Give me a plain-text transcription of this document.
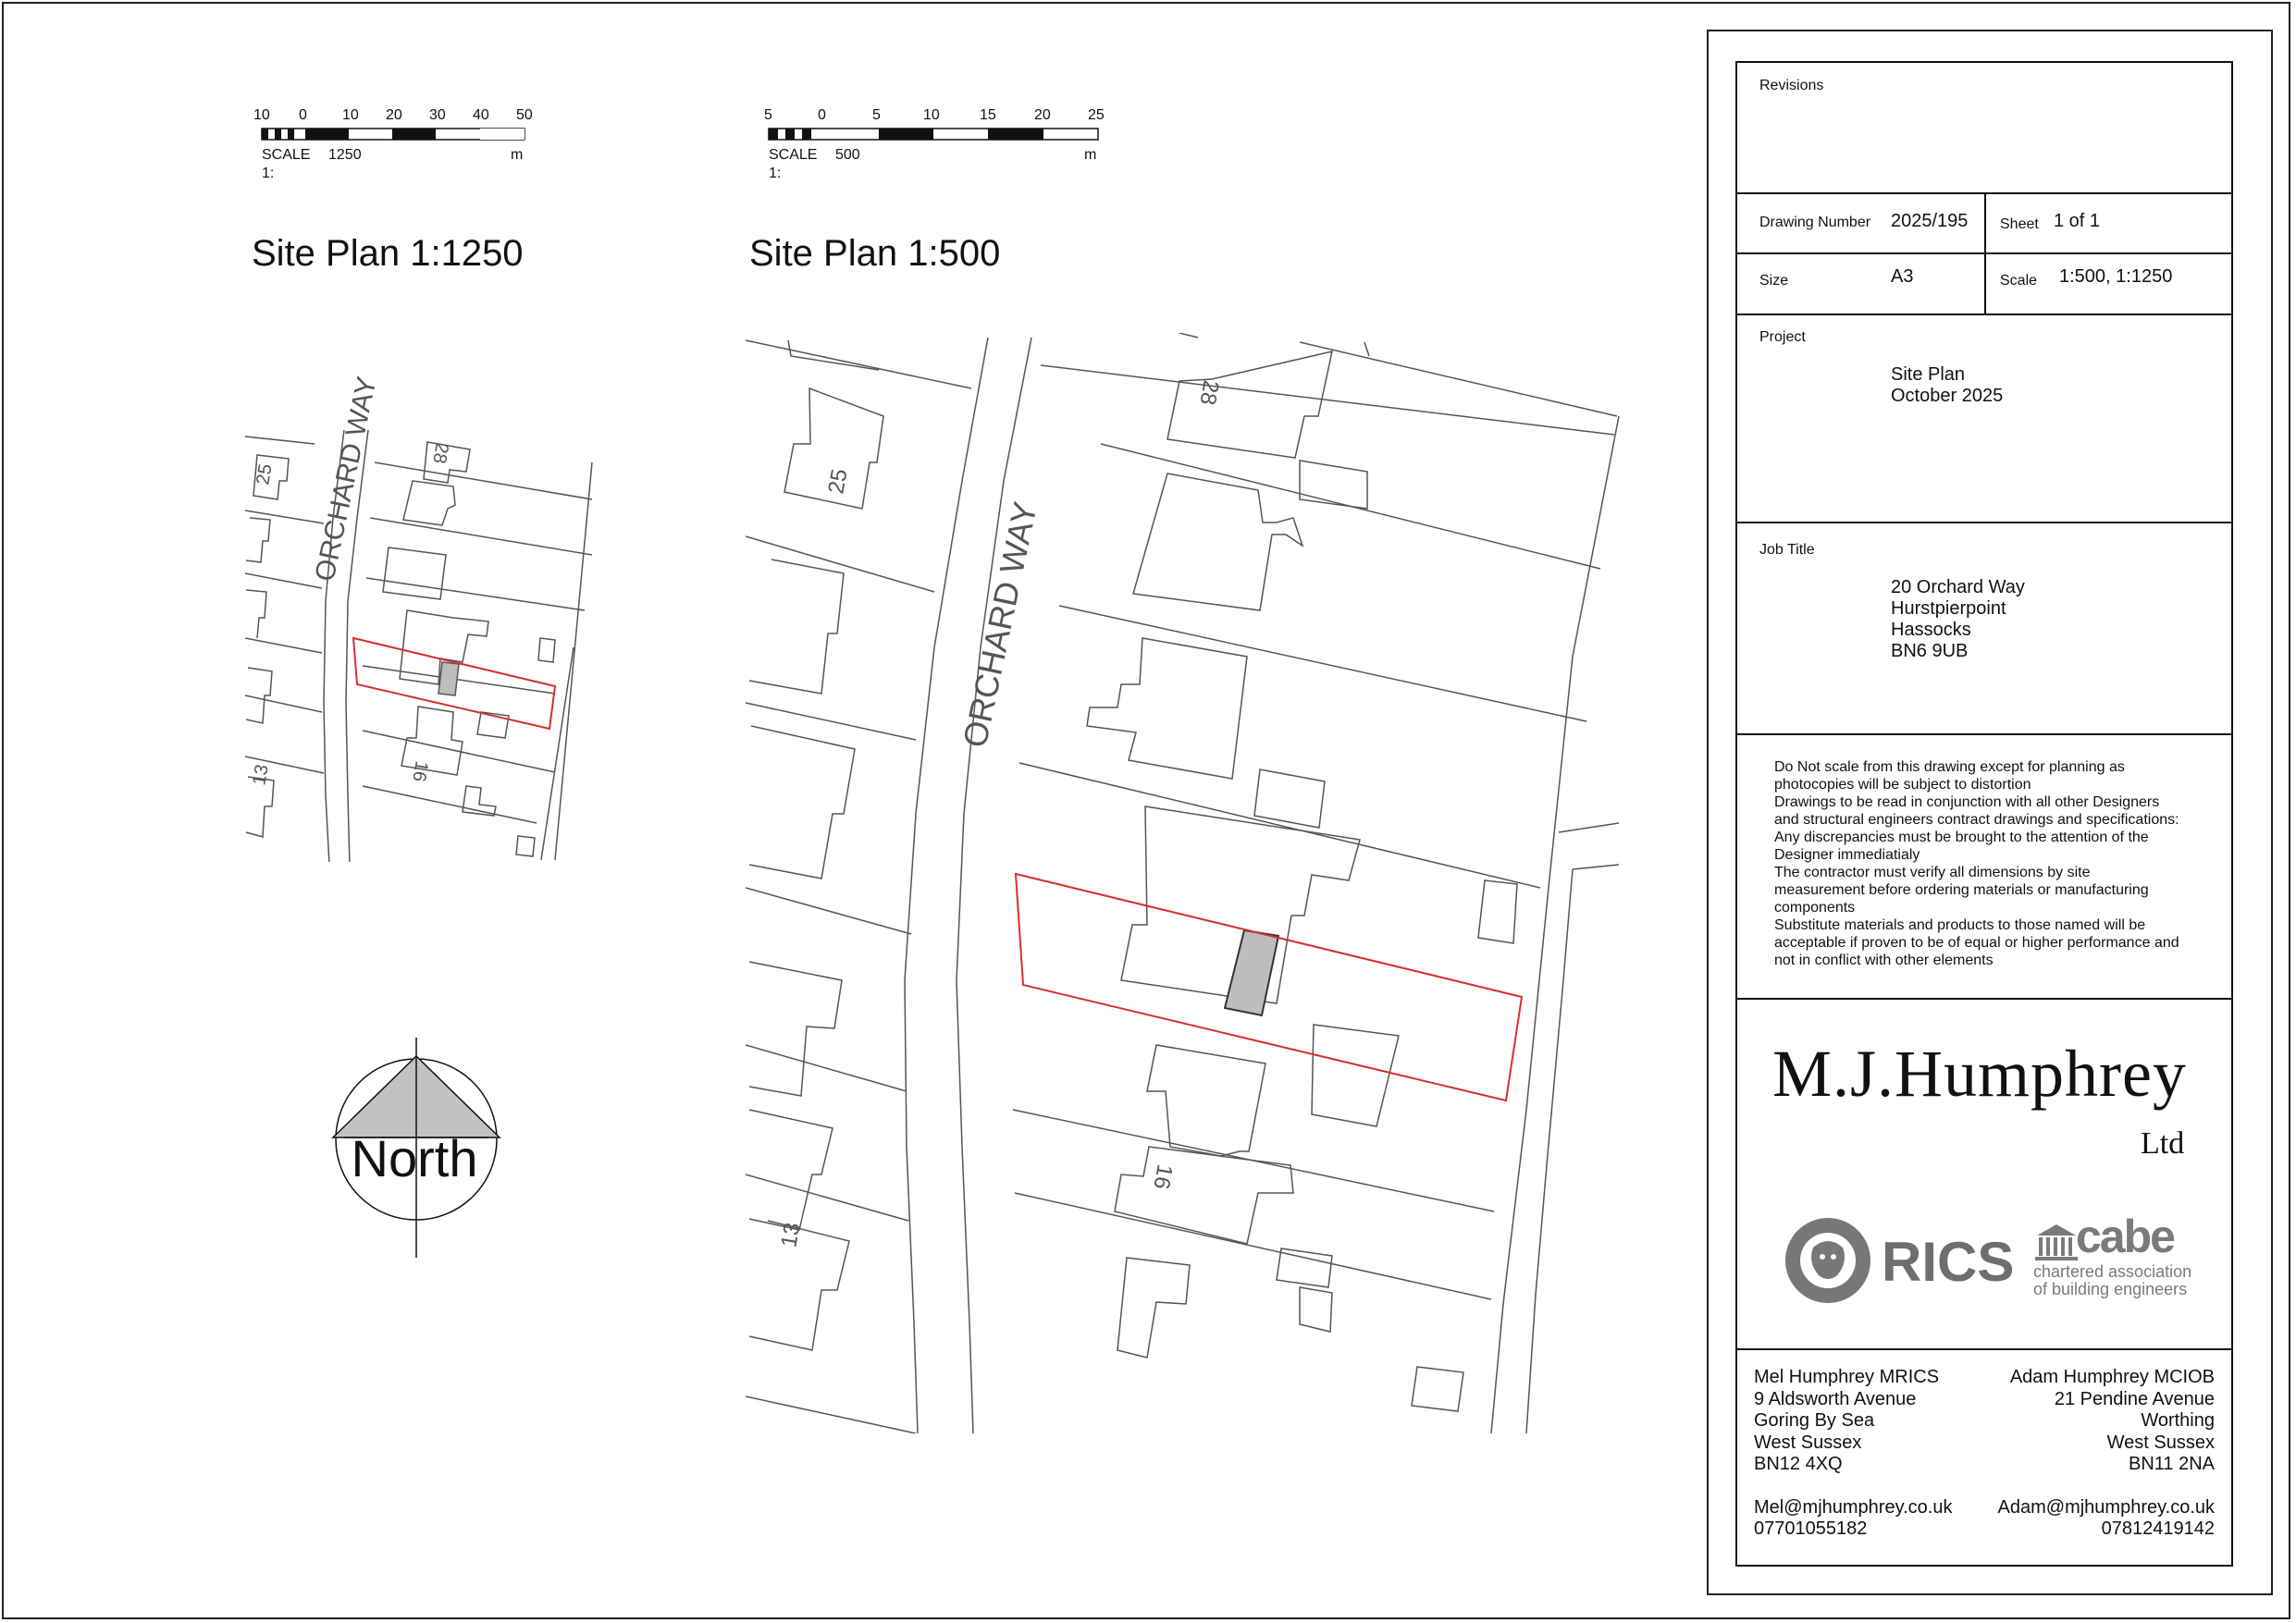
10 0 10 20 30 40 50
SCALE
1:
1250	m
5	0	5	10	15	20	25
SCALE
1:
500	m
Site Plan 1:1250	Site Plan 1:500
ORCHARD WAY
25
28
16
13
ORCHARD WAY
25
28
16
13
North
Revisions
Drawing Number 2025/195 Sheet 1 of 1
Size	A3	Scale 1:500, 1:1250
Project
Site Plan
October 2025
Job Title
20 Orchard Way
Hurstpierpoint
Hassocks
BN6 9UB
Do Not scale from this drawing except for planning as
photocopies will be subject to distortion
Drawings to be read in conjunction with all other Designers
and structural engineers contract drawings and specifications:
Any discrepancies must be brought to the attention of the
Designer immediatialy
The contractor must verify all dimensions by site
measurement before ordering materials or manufacturing
components
Substitute materials and products to those named will be
acceptable if proven to be of equal or higher performance and
not in conflict with other elements
M.J.Humphrey
Ltd
RICS cabe
chartered association
of building engineers
Mel Humphrey MRICS
9 Aldsworth Avenue
Goring By Sea
West Sussex
BN12 4XQ
Mel@mjhumphrey.co.uk
07701055182
Adam Humphrey MCIOB
21 Pendine Avenue
Worthing
West Sussex
BN11 2NA
Adam@mjhumphrey.co.uk
07812419142
